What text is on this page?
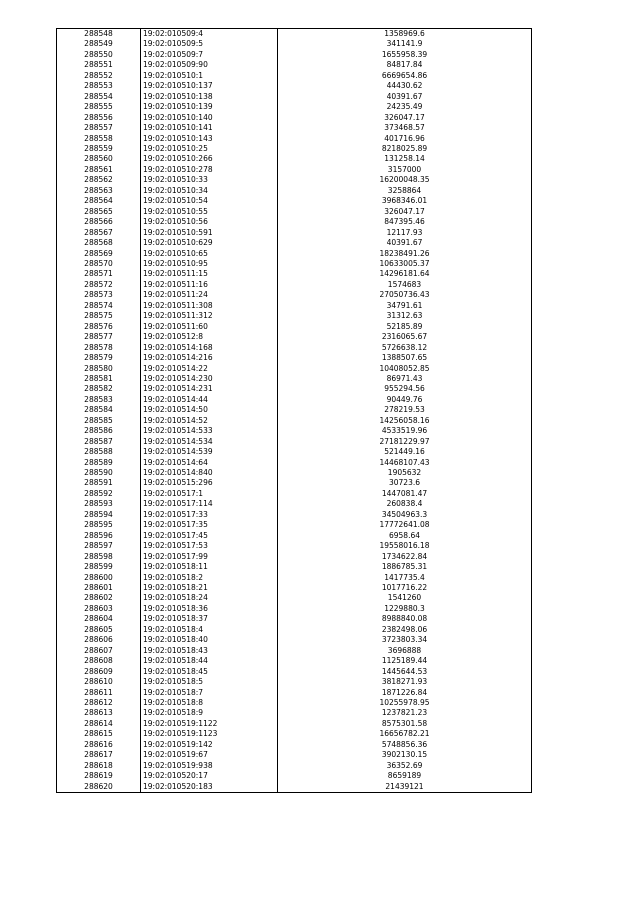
288548	19:02:010509:4	1358969.6
288549	19:02:010509:5	341141.9
288550	19:02:010509:7	1655958.39
288551	19:02:010509:90	84817.84
288552	19:02:010510:1	6669654.86
288553	19:02:010510:137	44430.62
288554	19:02:010510:138	40391.67
288555	19:02:010510:139	24235.49
288556	19:02:010510:140	326047.17
288557	19:02:010510:141	373468.57
288558	19:02:010510:143	401716.96
288559	19:02:010510:25	8218025.89
288560	19:02:010510:266	131258.14
288561	19:02:010510:278	3157000
288562	19:02:010510:33	16200048.35
288563	19:02:010510:34	3258864
288564	19:02:010510:54	3968346.01
288565	19:02:010510:55	326047.17
288566	19:02:010510:56	847395.46
288567	19:02:010510:591	12117.93
288568	19:02:010510:629	40391.67
288569	19:02:010510:65	18238491.26
288570	19:02:010510:95	10633005.37
288571	19:02:010511:15	14296181.64
288572	19:02:010511:16	1574683
288573	19:02:010511:24	27050736.43
288574	19:02:010511:308	34791.61
288575	19:02:010511:312	31312.63
288576	19:02:010511:60	52185.89
288577	19:02:010512:8	2316065.67
288578	19:02:010514:168	5726638.12
288579	19:02:010514:216	1388507.65
288580	19:02:010514:22	10408052.85
288581	19:02:010514:230	86971.43
288582	19:02:010514:231	955294.56
288583	19:02:010514:44	90449.76
288584	19:02:010514:50	278219.53
288585	19:02:010514:52	14256058.16
288586	19:02:010514:533	4533519.96
288587	19:02:010514:534	27181229.97
288588	19:02:010514:539	521449.16
288589	19:02:010514:64	14468107.43
288590	19:02:010514:840	1905632
288591	19:02:010515:296	30723.6
288592	19:02:010517:1	1447081.47
288593	19:02:010517:114	260838.4
288594	19:02:010517:33	34504963.3
288595	19:02:010517:35	17772641.08
288596	19:02:010517:45	6958.64
288597	19:02:010517:53	19558016.18
288598	19:02:010517:99	1734622.84
288599	19:02:010518:11	1886785.31
288600	19:02:010518:2	1417735.4
288601	19:02:010518:21	1017716.22
288602	19:02:010518:24	1541260
288603	19:02:010518:36	1229880.3
288604	19:02:010518:37	8988840.08
288605	19:02:010518:4	2382498.06
288606	19:02:010518:40	3723803.34
288607	19:02:010518:43	3696888
288608	19:02:010518:44	1125189.44
288609	19:02:010518:45	1445644.53
288610	19:02:010518:5	3818271.93
288611	19:02:010518:7	1871226.84
288612	19:02:010518:8	10255978.95
288613	19:02:010518:9	1237821.23
288614	19:02:010519:1122	8575301.58
288615	19:02:010519:1123	16656782.21
288616	19:02:010519:142	5748856.36
288617	19:02:010519:67	3902130.15
288618	19:02:010519:938	36352.69
288619	19:02:010520:17	8659189
288620	19:02:010520:183	21439121
